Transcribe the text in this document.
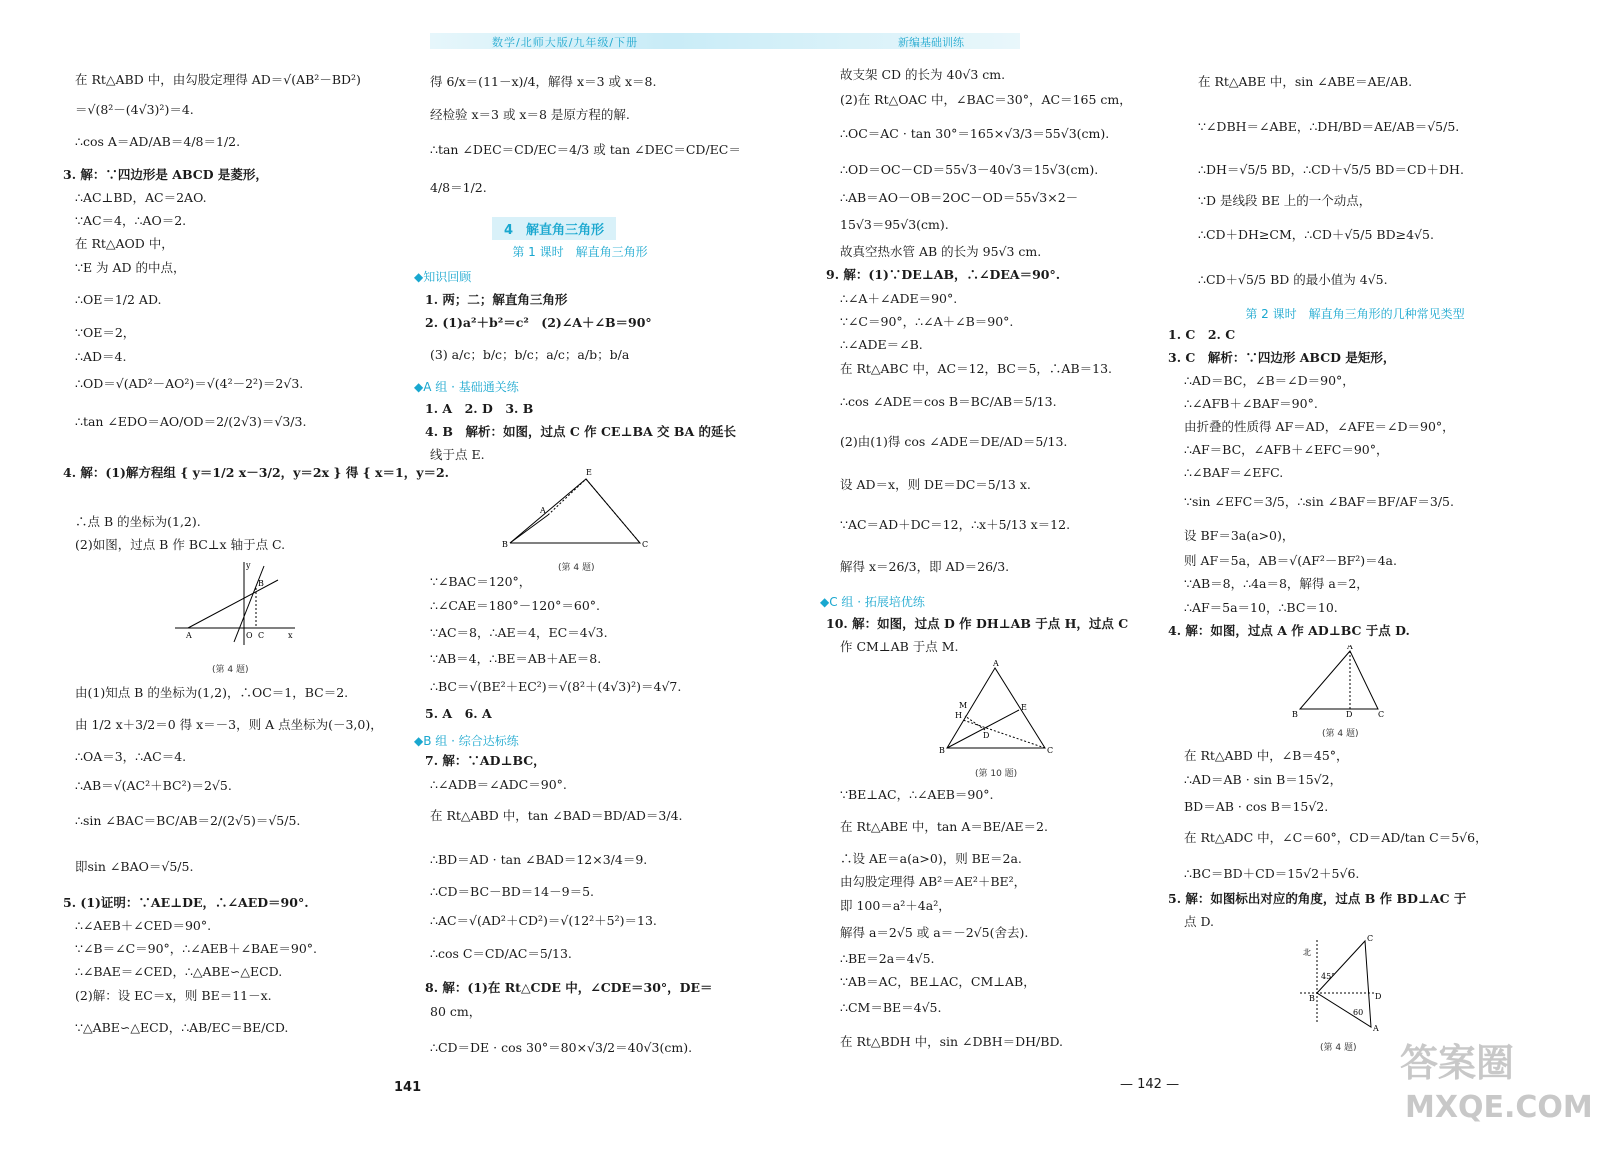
数学/北师大版/九年级/下册	新编基础训练
在 Rt△ABD 中，由勾股定理得 AD＝√(AB²－BD²)
＝√(8²－(4√3)²)＝4.
∴cos A＝AD/AB＝4/8＝1/2.
3. 解：∵四边形是 ABCD 是菱形，
∴AC⊥BD，AC＝2AO.
∵AC＝4，∴AO＝2.
在 Rt△AOD 中，
∵E 为 AD 的中点，
∴OE＝1/2 AD.
∵OE＝2，
∴AD＝4.
∴OD＝√(AD²－AO²)＝√(4²－2²)＝2√3.
∴tan ∠EDO＝AO/OD＝2/(2√3)＝√3/3.
4. 解：(1)解方程组 { y＝1/2 x－3/2，y＝2x } 得 { x＝1，y＝2.
∴点 B 的坐标为(1,2).
(2)如图，过点 B 作 BC⊥x 轴于点 C.
由(1)知点 B 的坐标为(1,2)，∴OC＝1，BC＝2.
由 1/2 x＋3/2＝0 得 x＝－3，则 A 点坐标为(－3,0)，
∴OA＝3，∴AC＝4.
∴AB＝√(AC²＋BC²)＝2√5.
∴sin ∠BAC＝BC/AB＝2/(2√5)＝√5/5.
即sin ∠BAO＝√5/5.
5. (1)证明：∵AE⊥DE，∴∠AED＝90°.
∴∠AEB＋∠CED＝90°.
∵∠B＝∠C＝90°，∴∠AEB＋∠BAE＝90°.
∴∠BAE＝∠CED，∴△ABE∽△ECD.
(2)解：设 EC＝x，则 BE＝11－x.
∵△ABE∽△ECD，∴AB/EC＝BE/CD.
A	O C
B
x
y
(第 4 题)
得 6/x＝(11－x)/4，解得 x＝3 或 x＝8.
经检验 x＝3 或 x＝8 是原方程的解.
∴tan ∠DEC＝CD/EC＝4/3 或 tan ∠DEC＝CD/EC＝
4/8＝1/2.
1. 两；二；解直角三角形
2. (1)a²＋b²＝c²　(2)∠A＋∠B＝90°
(3) a/c；b/c；b/c；a/c；a/b；b/a
1. A　2. D　3. B
4. B　解析：如图，过点 C 作 CE⊥BA 交 BA 的延长
线于点 E.
∵∠BAC＝120°，
∴∠CAE＝180°－120°＝60°.
∵AC＝8，∴AE＝4，EC＝4√3.
∵AB＝4，∴BE＝AB＋AE＝8.
∴BC＝√(BE²＋EC²)＝√(8²＋(4√3)²)＝4√7.
5. A　6. A
7. 解：∵AD⊥BC，
∴∠ADB＝∠ADC＝90°.
在 Rt△ABD 中，tan ∠BAD＝BD/AD＝3/4.
∴BD＝AD · tan ∠BAD＝12×3/4＝9.
∴CD＝BC－BD＝14－9＝5.
∴AC＝√(AD²＋CD²)＝√(12²＋5²)＝13.
∴cos C＝CD/AC＝5/13.
8. 解：(1)在 Rt△CDE 中，∠CDE＝30°，DE＝
80 cm，
∴CD＝DE · cos 30°＝80×√3/2＝40√3(cm).
4　解直角三角形
第 1 课时　解直角三角形
◆知识回顾
◆A 组 · 基础通关练
◆B 组 · 综合达标练
B	C
A
E
(第 4 题)
故支架 CD 的长为 40√3 cm.
(2)在 Rt△OAC 中，∠BAC＝30°，AC＝165 cm，
∴OC＝AC · tan 30°＝165×√3/3＝55√3(cm).
∴OD＝OC－CD＝55√3－40√3＝15√3(cm).
∴AB＝AO－OB＝2OC－OD＝55√3×2－
15√3＝95√3(cm).
故真空热水管 AB 的长为 95√3 cm.
9. 解：(1)∵DE⊥AB，∴∠DEA＝90°.
∴∠A＋∠ADE＝90°.
∵∠C＝90°，∴∠A＋∠B＝90°.
∴∠ADE＝∠B.
在 Rt△ABC 中，AC＝12，BC＝5，∴AB＝13.
∴cos ∠ADE＝cos B＝BC/AB＝5/13.
(2)由(1)得 cos ∠ADE＝DE/AD＝5/13.
设 AD＝x，则 DE＝DC＝5/13 x.
∵AC＝AD＋DC＝12，∴x＋5/13 x＝12.
解得 x＝26/3，即 AD＝26/3.
10. 解：如图，过点 D 作 DH⊥AB 于点 H，过点 C
作 CM⊥AB 于点 M.
∵BE⊥AC，∴∠AEB＝90°.
在 Rt△ABE 中，tan A＝BE/AE＝2.
∴设 AE＝a(a>0)，则 BE＝2a.
由勾股定理得 AB²＝AE²＋BE²，
即 100＝a²＋4a²，
解得 a＝2√5 或 a＝－2√5(舍去).
∴BE＝2a＝4√5.
∵AB＝AC，BE⊥AC，CM⊥AB，
∴CM＝BE＝4√5.
在 Rt△BDH 中，sin ∠DBH＝DH/BD.
◆C 组 · 拓展培优练
A
B	C
E
H
M
D
(第 10 题)
在 Rt△ABE 中，sin ∠ABE＝AE/AB.
∵∠DBH＝∠ABE，∴DH/BD＝AE/AB＝√5/5.
∴DH＝√5/5 BD，∴CD＋√5/5 BD＝CD＋DH.
∵D 是线段 BE 上的一个动点，
∴CD＋DH≥CM，∴CD＋√5/5 BD≥4√5.
∴CD＋√5/5 BD 的最小值为 4√5.
1. C　2. C
3. C　解析：∵四边形 ABCD 是矩形，
∴AD＝BC，∠B＝∠D＝90°，
∴∠AFB＋∠BAF＝90°.
由折叠的性质得 AF＝AD，∠AFE＝∠D＝90°，
∴AF＝BC，∠AFB＋∠EFC＝90°，
∴∠BAF＝∠EFC.
∵sin ∠EFC＝3/5，∴sin ∠BAF＝BF/AF＝3/5.
设 BF＝3a(a>0)，
则 AF＝5a，AB＝√(AF²－BF²)＝4a.
∵AB＝8，∴4a＝8，解得 a＝2，
∴AF＝5a＝10，∴BC＝10.
4. 解：如图，过点 A 作 AD⊥BC 于点 D.
在 Rt△ABD 中，∠B＝45°，
∴AD＝AB · sin B＝15√2，
BD＝AB · cos B＝15√2.
在 Rt△ADC 中，∠C＝60°，CD＝AD/tan C＝5√6，
∴BC＝BD＋CD＝15√2＋5√6.
5. 解：如图标出对应的角度，过点 B 作 BD⊥AC 于
点 D.
第 2 课时　解直角三角形的几种常见类型
A
B	D	C
(第 4 题)
北
C
D
A
B
45°
60
(第 4 题)
141	— 142 —	答案圈
MXQE.COM
